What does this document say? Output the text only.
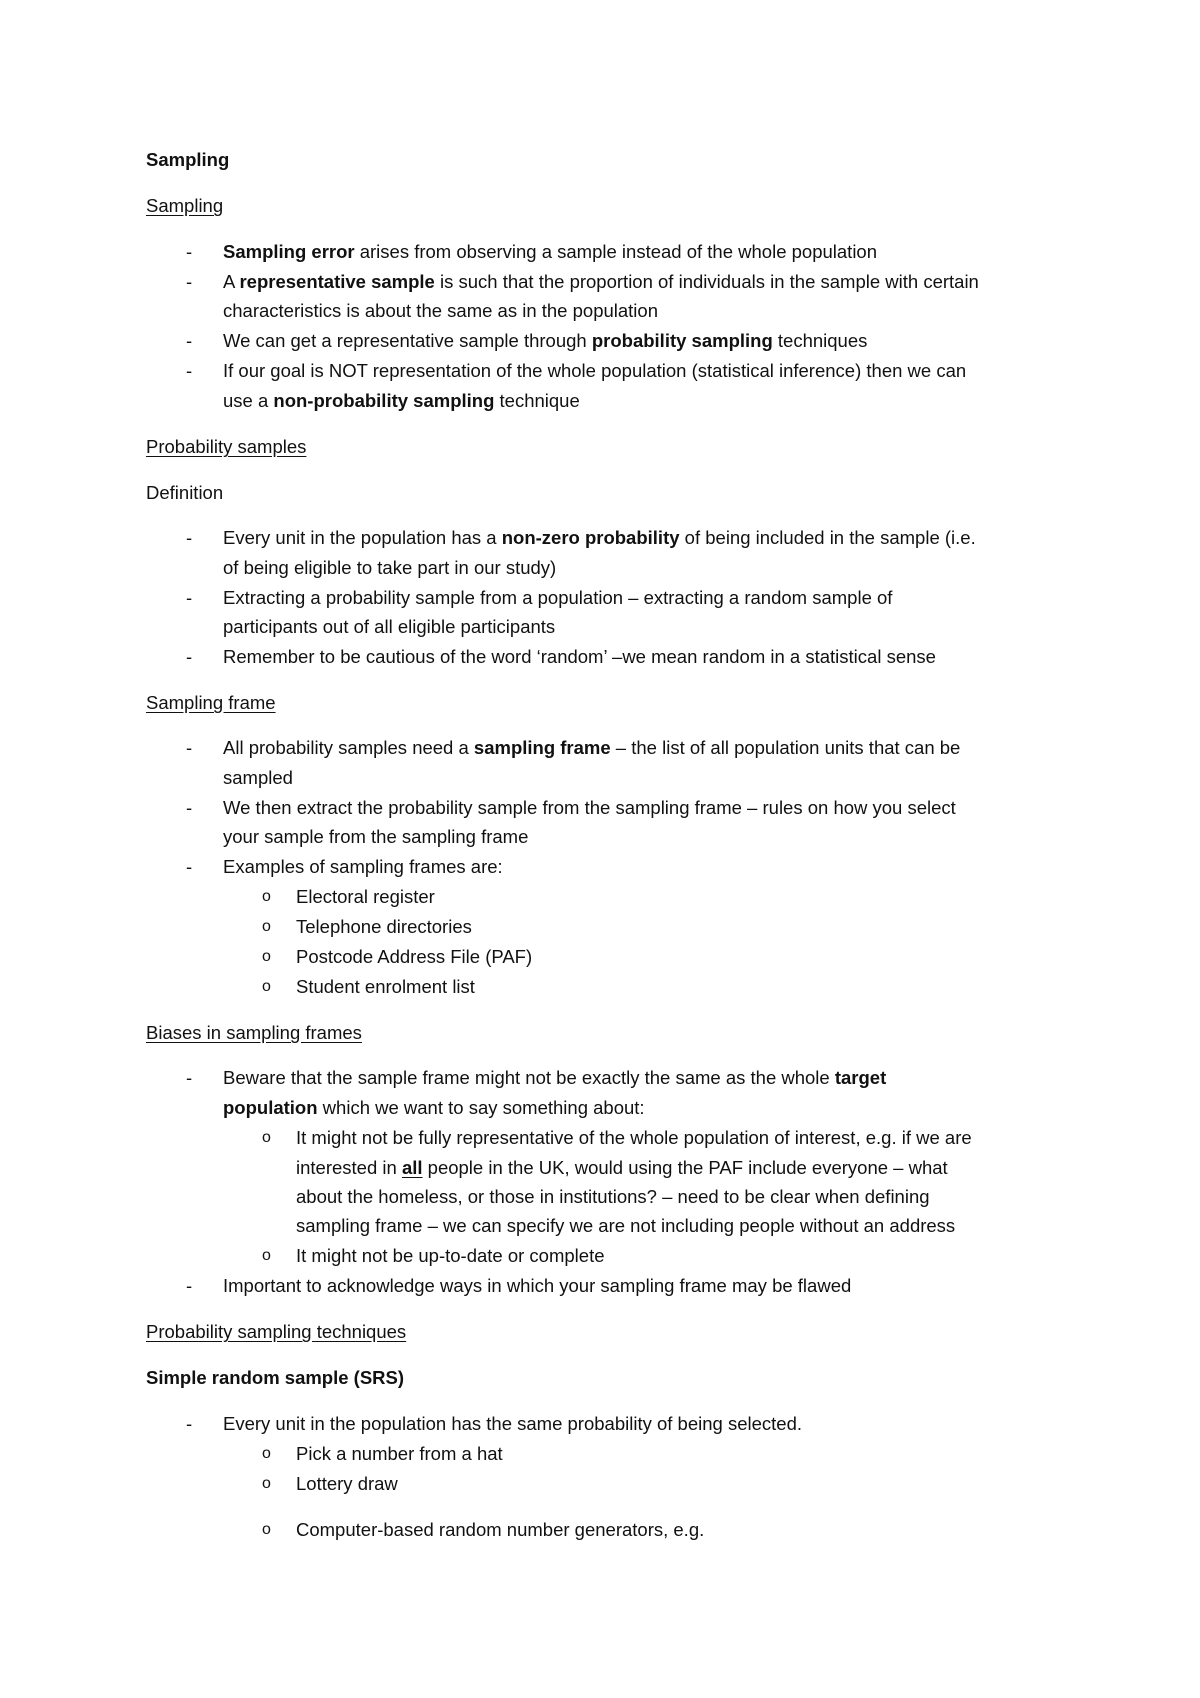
Sampling
Sampling
- Sampling error arises from observing a sample instead of the whole population
- A representative sample is such that the proportion of individuals in the sample with certain
characteristics is about the same as in the population
- We can get a representative sample through probability sampling techniques
- If our goal is NOT representation of the whole population (statistical inference) then we can
use a non-probability sampling technique
Probability samples
Definition
- Every unit in the population has a non-zero probability of being included in the sample (i.e.
of being eligible to take part in our study)
- Extracting a probability sample from a population – extracting a random sample of
participants out of all eligible participants
- Remember to be cautious of the word ‘random’ –we mean random in a statistical sense
Sampling frame
- All probability samples need a sampling frame – the list of all population units that can be
sampled
- We then extract the probability sample from the sampling frame – rules on how you select
your sample from the sampling frame
- Examples of sampling frames are:
o Electoral register
o Telephone directories
o Postcode Address File (PAF)
o Student enrolment list
Biases in sampling frames
- Beware that the sample frame might not be exactly the same as the whole target
population which we want to say something about:
o It might not be fully representative of the whole population of interest, e.g. if we are
interested in all people in the UK, would using the PAF include everyone – what
about the homeless, or those in institutions? – need to be clear when defining
sampling frame – we can specify we are not including people without an address
o It might not be up-to-date or complete
- Important to acknowledge ways in which your sampling frame may be flawed
Probability sampling techniques
Simple random sample (SRS)
- Every unit in the population has the same probability of being selected.
o Pick a number from a hat
o Lottery draw
o Computer-based random number generators, e.g.
